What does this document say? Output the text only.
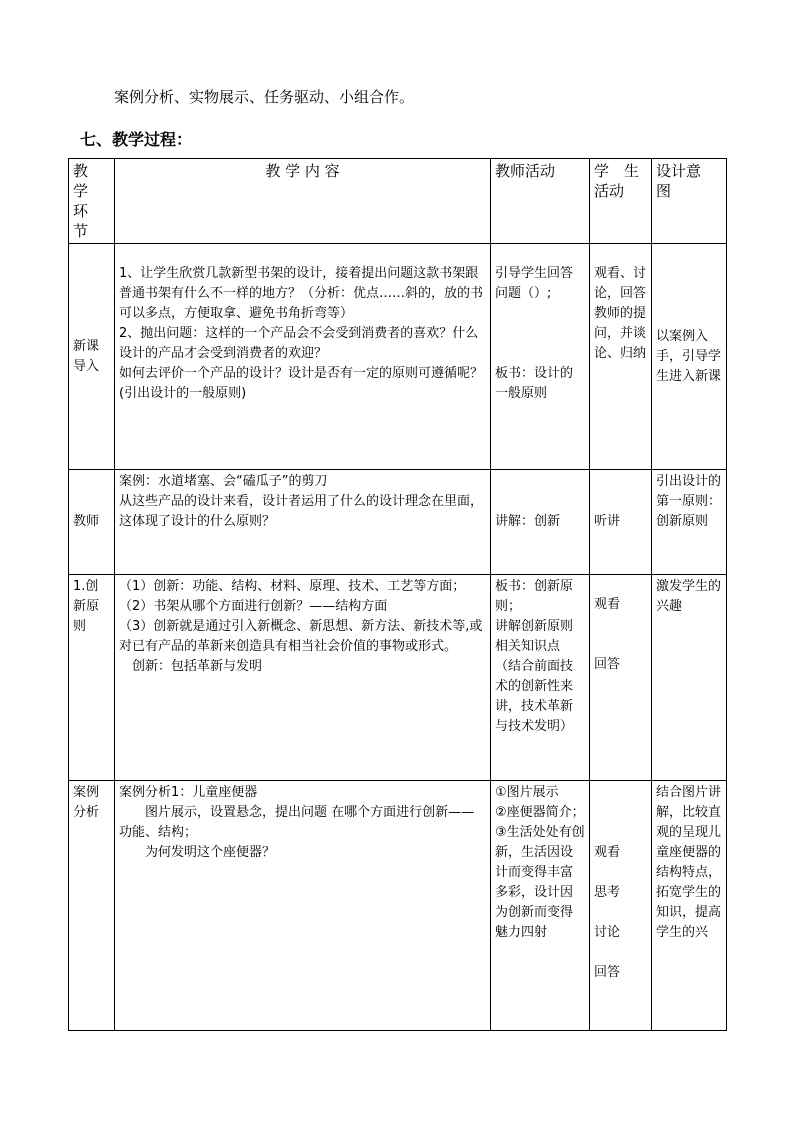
案例分析、实物展示、任务驱动、小组合作。
七、教学过程：
教
学
环
节	教 学 内 容	教师活动	学　生
活动	设计意
图

新课
导入	1、让学生欣赏几款新型书架的设计，接着提出问题这款书架跟普通书架有什么不一样的地方？（分析：优点……斜的，放的书可以多点，方便取拿、避免书角折弯等）
2、抛出问题：这样的一个产品会不会受到消费者的喜欢？什么设计的产品才会受到消费者的欢迎？
如何去评价一个产品的设计？设计是否有一定的原则可遵循呢？(引出设计的一般原则)	引导学生回答问题（）;
板书：设计的一般原则	观看、讨论，回答教师的提问，并谈论、归纳	以案例入手，引导学生进入新课
教师	案例：水道堵塞、会“磕瓜子”的剪刀
从这些产品的设计来看，设计者运用了什么的设计理念在里面，这体现了设计的什么原则？	讲解：创新	听讲	引出设计的第一原则：创新原则

1.创
新原
则	（1）创新：功能、结构、材料、原理、技术、工艺等方面；（2）书架从哪个方面进行创新？——结构方面
（3）创新就是通过引入新概念、新思想、新方法、新技术等,或对已有产品的革新来创造具有相当社会价值的事物或形式。
　创新：包括革新与发明	板书：创新原则；
讲解创新原则相关知识点（结合前面技术的创新性来讲，技术革新与技术发明）	观看
回答	激发学生的兴趣

案例
分析	案例分析1：儿童座便器
　　图片展示，设置悬念，提出问题 在哪个方面进行创新——功能、结构；
　　为何发明这个座便器？	①图片展示
②座便器简介；
③生活处处有创新，生活因设计而变得丰富多彩，设计因为创新而变得魅力四射	观看
思考
讨论
回答	结合图片讲解，比较直观的呈现儿童座便器的结构特点，拓宽学生的知识，提高学生的兴
